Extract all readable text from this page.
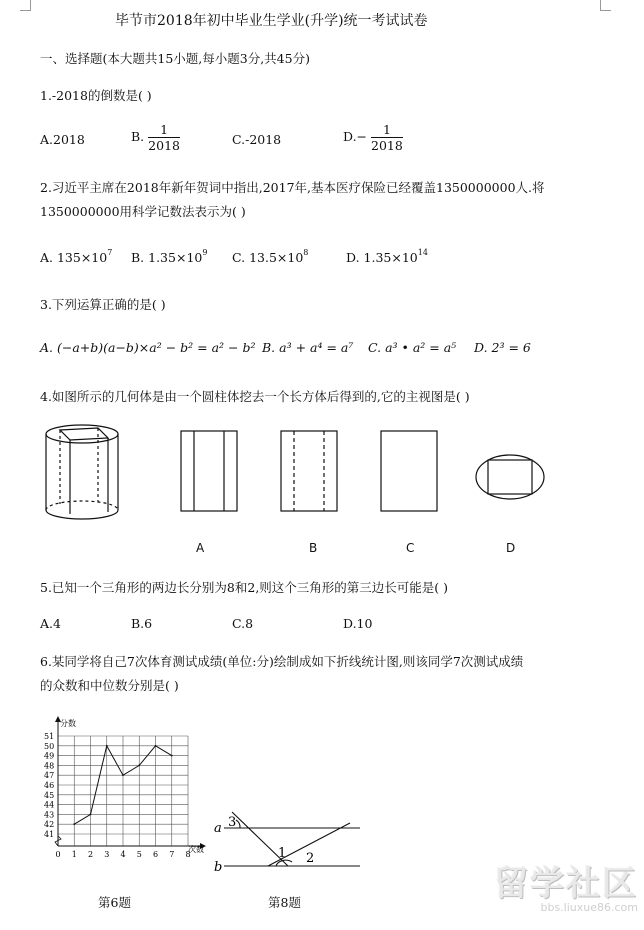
毕节市2018年初中毕业生学业(升学)统一考试试卷
一、选择题(本大题共15小题,每小题3分,共45分)
1.-2018的倒数是( )
A.2018	B. $\frac{1}{2018}$	C.-2018	$D.- \frac{1}{2018}$
2.习近平主席在2018年新年贺词中指出,2017年,基本医疗保险已经覆盖1350000000人.将
1350000000用科学记数法表示为( )
A. $135\times 10^7$ B. $1.35\times 10^9$ C. $13.5\times 10^8$	D. $1.35\times 10^{14}$
3.下列运算正确的是( )
A. (−a+b)(a−b)×a² − b² = a² − b² B. a³ + a⁴ = a⁷ C. a³ • a² = a⁵ D. 2³ = 6
4.如图所示的几何体是由一个圆柱体挖去一个长方体后得到的,它的主视图是( )
A	B	C	D
5.已知一个三角形的两边长分别为8和2,则这个三角形的第三边长可能是( )
A.4	B.6	C.8	D.10
6.某同学将自己7次体育测试成绩(单位:分)绘制成如下折线统计图,则该同学7次测试成绩
的众数和中位数分别是( )
0 1 2 3 4 5 6 7 8
41
42
43
44
45
46
47
48
49
50
51
分数
次数
a
b
1 2
3
第6题	第8题	留学社区
bbs.liuxue86.com
